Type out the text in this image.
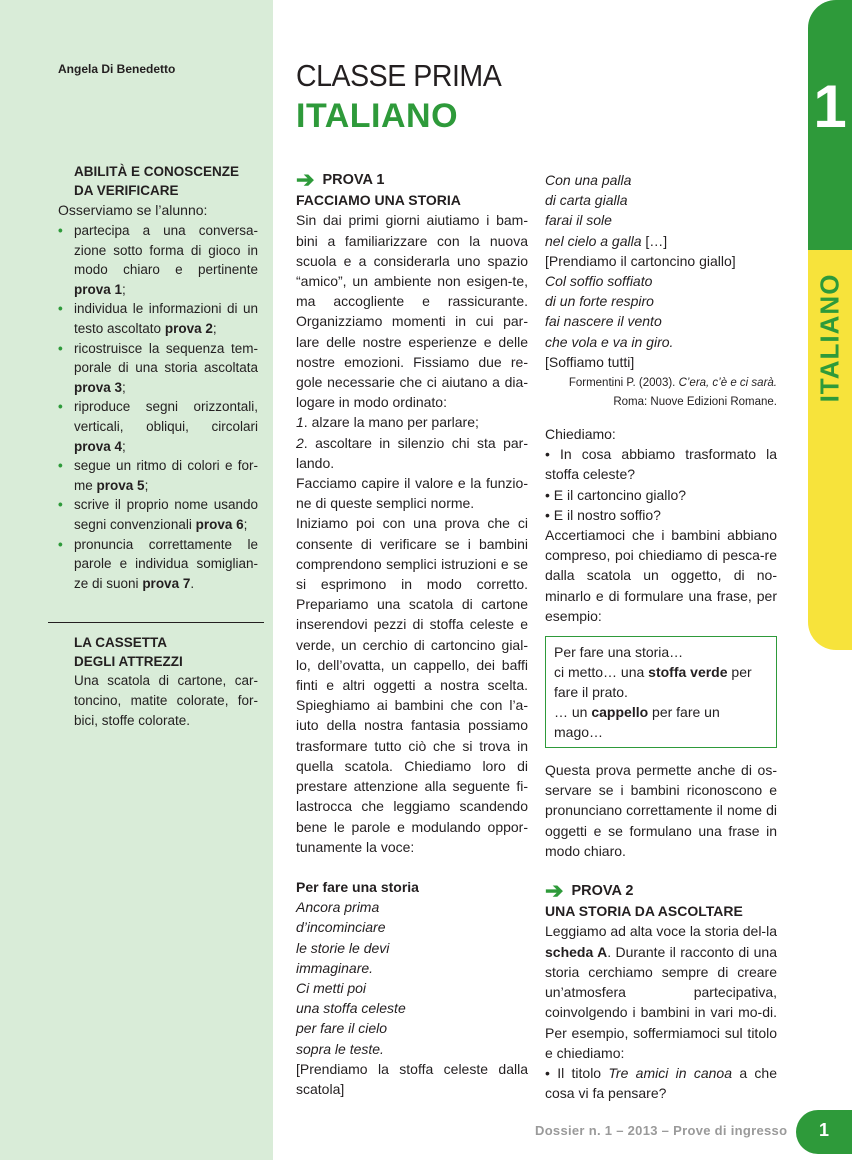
Angela Di Benedetto
ABILITÀ E CONOSCENZE
DA VERIFICARE
Osserviamo se l’alunno:
• partecipa a una conversa-zione sotto forma di gioco in modo chiaro e pertinente prova 1;
• individua le informazioni di un testo ascoltato prova 2;
• ricostruisce la sequenza tem-porale di una storia ascoltata prova 3;
• riproduce segni orizzontali, verticali, obliqui, circolari prova 4;
• segue un ritmo di colori e for-me prova 5;
• scrive il proprio nome usando segni convenzionali prova 6;
• pronuncia correttamente le parole e individua somiglian-ze di suoni prova 7.
LA CASSETTA
DEGLI ATTREZZI
Una scatola di cartone, car-toncino, matite colorate, for-bici, stoffe colorate.
CLASSE PRIMA
ITALIANO	1
ITALIANO
➔ PROVA 1
FACCIAMO UNA STORIA
Sin dai primi giorni aiutiamo i bam-bini a familiarizzare con la nuova scuola e a considerarla uno spazio “amico”, un ambiente non esigen-te, ma accogliente e rassicurante. Organizziamo momenti in cui par-lare delle nostre esperienze e delle nostre emozioni. Fissiamo due re-gole necessarie che ci aiutano a dia-logare in modo ordinato:
1. alzare la mano per parlare;
2. ascoltare in silenzio chi sta par-lando.
Facciamo capire il valore e la funzio-ne di queste semplici norme.
Iniziamo poi con una prova che ci consente di verificare se i bambini comprendono semplici istruzioni e se si esprimono in modo corretto. Prepariamo una scatola di cartone inserendovi pezzi di stoffa celeste e verde, un cerchio di cartoncino gial-lo, dell’ovatta, un cappello, dei baffi finti e altri oggetti a nostra scelta. Spieghiamo ai bambini che con l’a-iuto della nostra fantasia possiamo trasformare tutto ciò che si trova in quella scatola. Chiediamo loro di prestare attenzione alla seguente fi-lastrocca che leggiamo scandendo bene le parole e modulando oppor-tunamente la voce:
Per fare una storia
Ancora prima
d’incominciare
le storie le devi
immaginare.
Ci metti poi
una stoffa celeste
per fare il cielo
sopra le teste.
[Prendiamo la stoffa celeste dalla scatola]
Con una palla
di carta gialla
farai il sole
nel cielo a galla […]
[Prendiamo il cartoncino giallo]
Col soffio soffiato
di un forte respiro
fai nascere il vento
che vola e va in giro.
[Soffiamo tutti]
Formentini P. (2003). C’era, c’è e ci sarà.
Roma: Nuove Edizioni Romane.
Chiediamo:
• In cosa abbiamo trasformato la stoffa celeste?
• E il cartoncino giallo?
• E il nostro soffio?
Accertiamoci che i bambini abbiano compreso, poi chiediamo di pesca-re dalla scatola un oggetto, di no-minarlo e di formulare una frase, per esempio:
Per fare una storia…
ci metto… una stoffa verde per fare il prato.
… un cappello per fare un mago…
Questa prova permette anche di os-servare se i bambini riconoscono e pronunciano correttamente il nome di oggetti e se formulano una frase in modo chiaro.
➔ PROVA 2
UNA STORIA DA ASCOLTARE
Leggiamo ad alta voce la storia del-la scheda A. Durante il racconto di una storia cerchiamo sempre di creare un’atmosfera partecipativa, coinvolgendo i bambini in vari mo-di. Per esempio, soffermiamoci sul titolo e chiediamo:
• Il titolo Tre amici in canoa a che cosa vi fa pensare?
Dossier n. 1 – 2013 – Prove di ingresso	1
